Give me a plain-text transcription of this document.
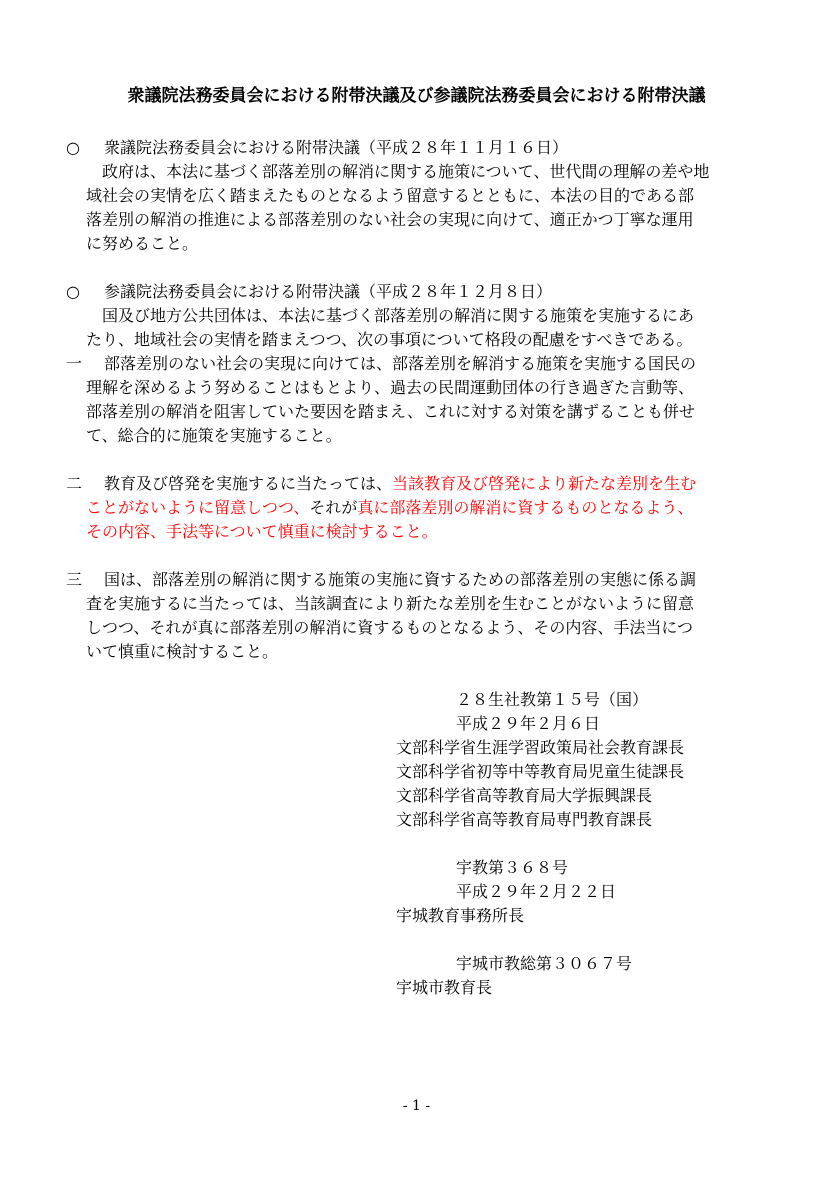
衆議院法務委員会における附帯決議及び参議院法務委員会における附帯決議
○ 衆議院法務委員会における附帯決議（平成２８年１１月１６日）
政府は、本法に基づく部落差別の解消に関する施策について、世代間の理解の差や地
域社会の実情を広く踏まえたものとなるよう留意するとともに、本法の目的である部
落差別の解消の推進による部落差別のない社会の実現に向けて、適正かつ丁寧な運用
に努めること。
○ 参議院法務委員会における附帯決議（平成２８年１２月８日）
国及び地方公共団体は、本法に基づく部落差別の解消に関する施策を実施するにあ
たり、地域社会の実情を踏まえつつ、次の事項について格段の配慮をすべきである。
一 部落差別のない社会の実現に向けては、部落差別を解消する施策を実施する国民の
理解を深めるよう努めることはもとより、過去の民間運動団体の行き過ぎた言動等、
部落差別の解消を阻害していた要因を踏まえ、これに対する対策を講ずることも併せ
て、総合的に施策を実施すること。
二 教育及び啓発を実施するに当たっては、当該教育及び啓発により新たな差別を生む
ことがないように留意しつつ、それが真に部落差別の解消に資するものとなるよう、
その内容、手法等について慎重に検討すること。
三 国は、部落差別の解消に関する施策の実施に資するための部落差別の実態に係る調
査を実施するに当たっては、当該調査により新たな差別を生むことがないように留意
しつつ、それが真に部落差別の解消に資するものとなるよう、その内容、手法当につ
いて慎重に検討すること。
２８生社教第１５号（国）
平成２９年２月６日
文部科学省生涯学習政策局社会教育課長
文部科学省初等中等教育局児童生徒課長
文部科学省高等教育局大学振興課長
文部科学省高等教育局専門教育課長
宇教第３６８号
平成２９年２月２２日
宇城教育事務所長
宇城市教総第３０６７号
宇城市教育長
- 1 -
